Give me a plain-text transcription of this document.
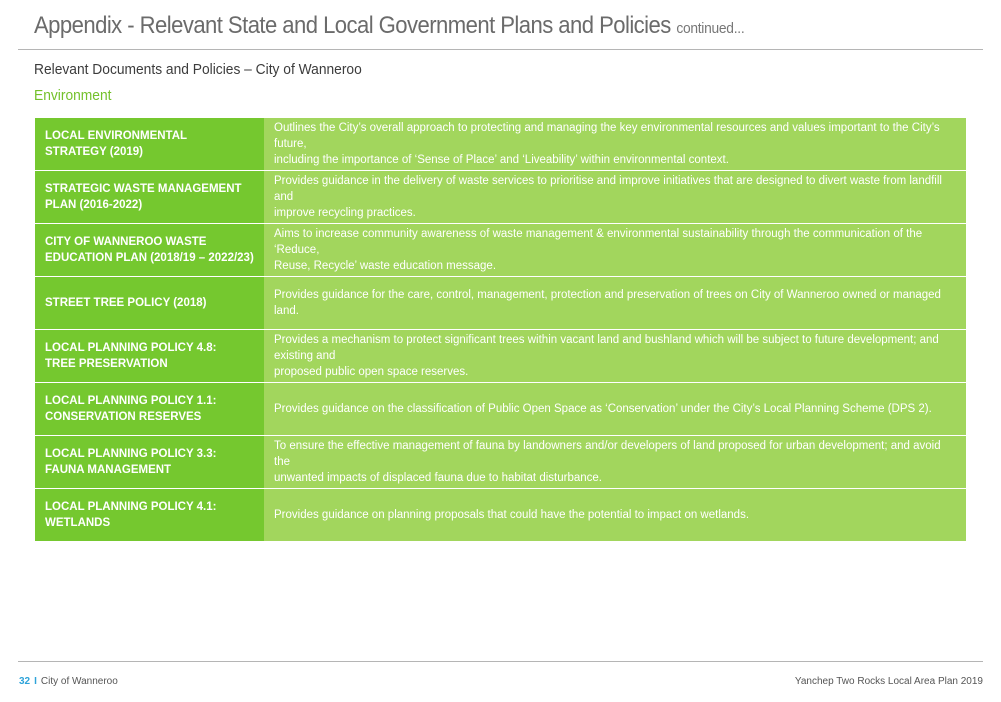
Appendix - Relevant State and Local Government Plans and Policies continued...
Relevant Documents and Policies – City of Wanneroo
Environment
LOCAL ENVIRONMENTAL
STRATEGY (2019)	Outlines the City’s overall approach to protecting and managing the key environmental resources and values important to the City’s future,
including the importance of ‘Sense of Place’ and ‘Liveability’ within environmental context.
STRATEGIC WASTE MANAGEMENT
PLAN (2016-2022)	Provides guidance in the delivery of waste services to prioritise and improve initiatives that are designed to divert waste from landfill and
improve recycling practices.
CITY OF WANNEROO WASTE
EDUCATION PLAN (2018/19 – 2022/23)	Aims to increase community awareness of waste management & environmental sustainability through the communication of the ‘Reduce,
Reuse, Recycle’ waste education message.
STREET TREE POLICY (2018)	Provides guidance for the care, control, management, protection and preservation of trees on City of Wanneroo owned or managed land.
LOCAL PLANNING POLICY 4.8:
TREE PRESERVATION	Provides a mechanism to protect significant trees within vacant land and bushland which will be subject to future development; and existing and
proposed public open space reserves.
LOCAL PLANNING POLICY 1.1:
CONSERVATION RESERVES	Provides guidance on the classification of Public Open Space as ‘Conservation’ under the City’s Local Planning Scheme (DPS 2).
LOCAL PLANNING POLICY 3.3:
FAUNA MANAGEMENT	To ensure the effective management of fauna by landowners and/or developers of land proposed for urban development; and avoid the
unwanted impacts of displaced fauna due to habitat disturbance.
LOCAL PLANNING POLICY 4.1:
WETLANDS	Provides guidance on planning proposals that could have the potential to impact on wetlands.
32 I City of Wanneroo	Yanchep Two Rocks Local Area Plan 2019
